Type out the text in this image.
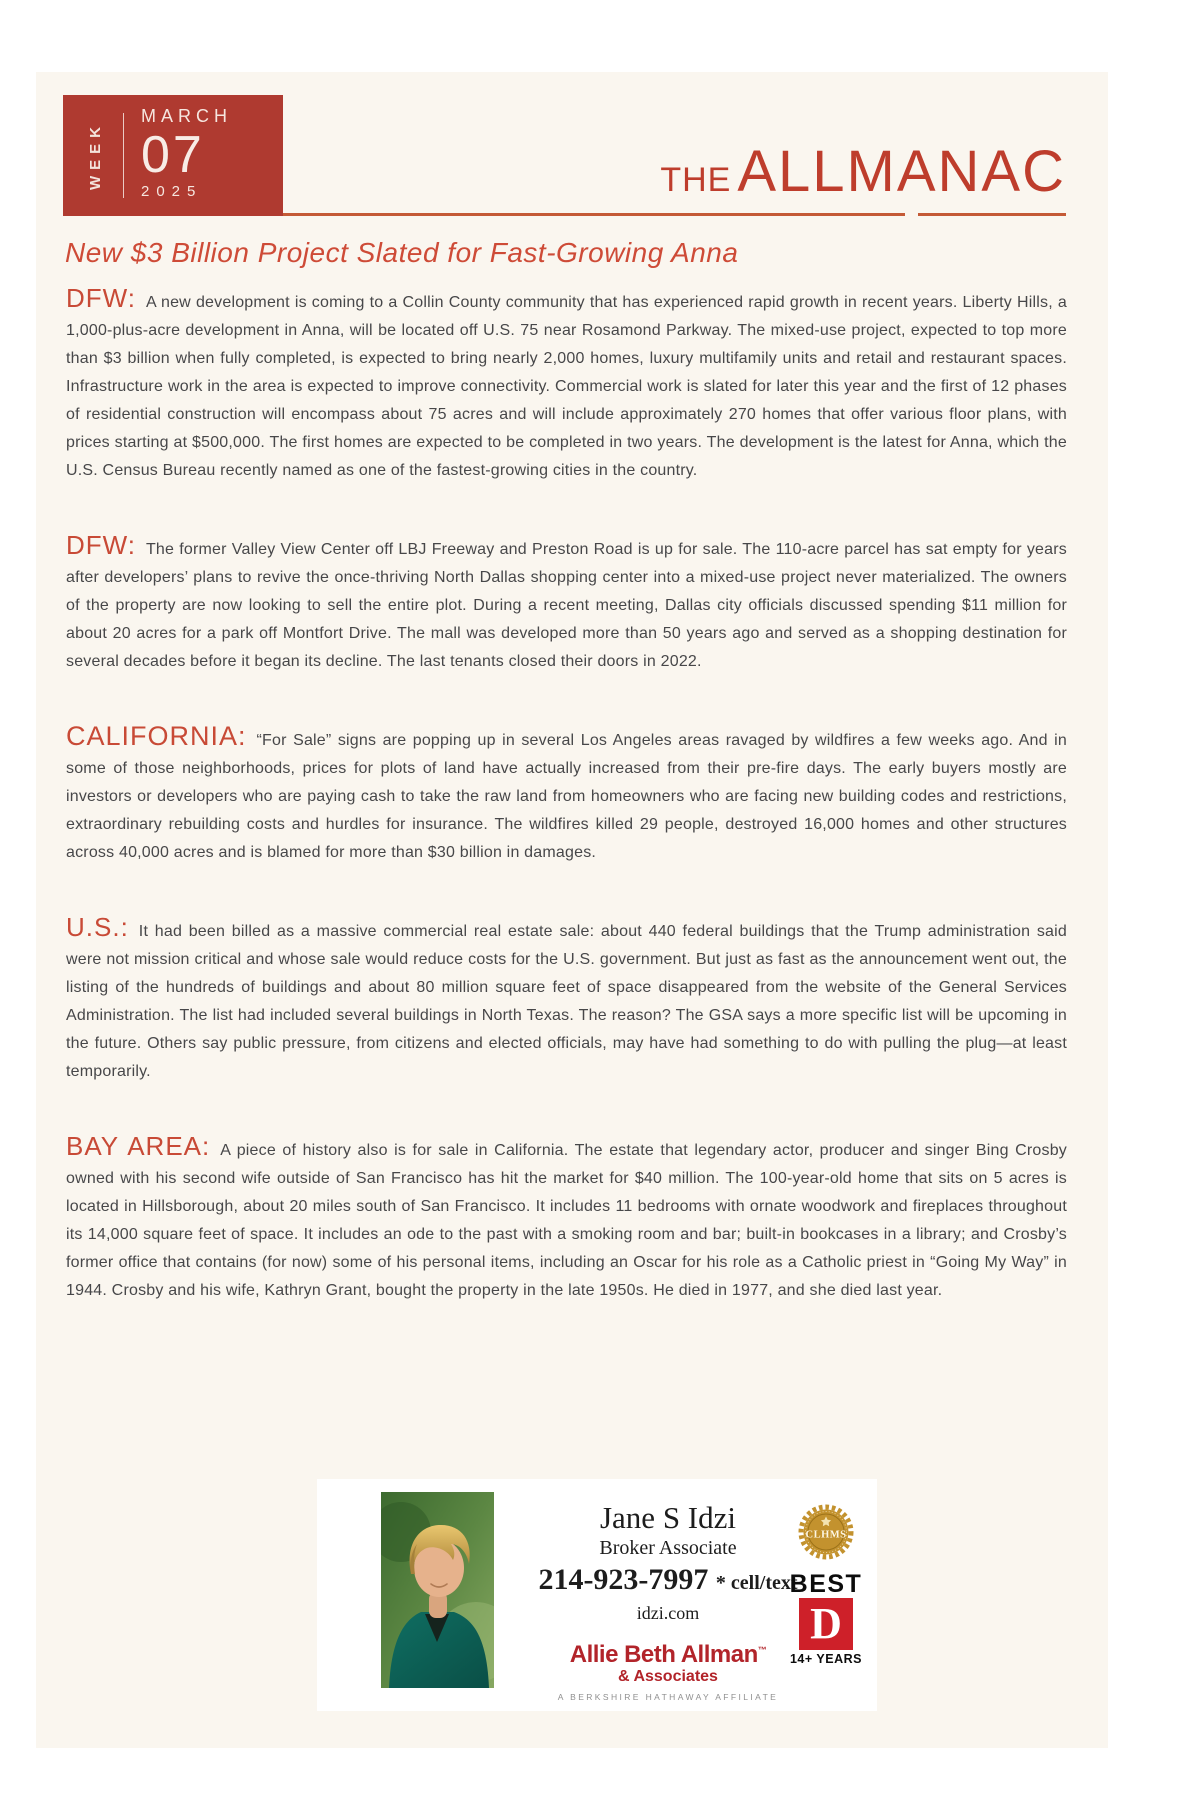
WEEK
MARCH
07
2025	THE ALLMANAC
New $3 Billion Project Slated for Fast-Growing Anna

DFW: A new development is coming to a Collin County community that has experienced rapid growth in recent years. Liberty Hills, a 1,000-plus-acre development in Anna, will be located off U.S. 75 near Rosamond Parkway. The mixed-use project, expected to top more than $3 billion when fully completed, is expected to bring nearly 2,000 homes, luxury multifamily units and retail and restaurant spaces. Infrastructure work in the area is expected to improve connectivity. Commercial work is slated for later this year and the first of 12 phases of residential construction will encompass about 75 acres and will include approximately 270 homes that offer various floor plans, with prices starting at $500,000. The first homes are expected to be completed in two years. The development is the latest for Anna, which the U.S. Census Bureau recently named as one of the fastest-growing cities in the country.

DFW: The former Valley View Center off LBJ Freeway and Preston Road is up for sale. The 110-acre parcel has sat empty for years after developers’ plans to revive the once-thriving North Dallas shopping center into a mixed-use project never materialized. The owners of the property are now looking to sell the entire plot. During a recent meeting, Dallas city officials discussed spending $11 million for about 20 acres for a park off Montfort Drive. The mall was developed more than 50 years ago and served as a shopping destination for several decades before it began its decline. The last tenants closed their doors in 2022.

CALIFORNIA: “For Sale” signs are popping up in several Los Angeles areas ravaged by wildfires a few weeks ago. And in some of those neighborhoods, prices for plots of land have actually increased from their pre-fire days. The early buyers mostly are investors or developers who are paying cash to take the raw land from homeowners who are facing new building codes and restrictions, extraordinary rebuilding costs and hurdles for insurance. The wildfires killed 29 people, destroyed 16,000 homes and other structures across 40,000 acres and is blamed for more than $30 billion in damages.

U.S.: It had been billed as a massive commercial real estate sale: about 440 federal buildings that the Trump administration said were not mission critical and whose sale would reduce costs for the U.S. government. But just as fast as the announcement went out, the listing of the hundreds of buildings and about 80 million square feet of space disappeared from the website of the General Services Administration. The list had included several buildings in North Texas. The reason? The GSA says a more specific list will be upcoming in the future. Others say public pressure, from citizens and elected officials, may have had something to do with pulling the plug—at least temporarily.

BAY AREA: A piece of history also is for sale in California. The estate that legendary actor, producer and singer Bing Crosby owned with his second wife outside of San Francisco has hit the market for $40 million. The 100-year-old home that sits on 5 acres is located in Hillsborough, about 20 miles south of San Francisco. It includes 11 bedrooms with ornate woodwork and fireplaces throughout its 14,000 square feet of space. It includes an ode to the past with a smoking room and bar; built-in bookcases in a library; and Crosby’s former office that contains (for now) some of his personal items, including an Oscar for his role as a Catholic priest in “Going My Way” in 1944. Crosby and his wife, Kathryn Grant, bought the property in the late 1950s. He died in 1977, and she died last year.

Jane S Idzi
Broker Associate
214-923-7997 * cell/text
idzi.com
Allie Beth Allman™
& Associates
A BERKSHIRE HATHAWAY AFFILIATE
CLHMS
BEST
D
14+ YEARS
